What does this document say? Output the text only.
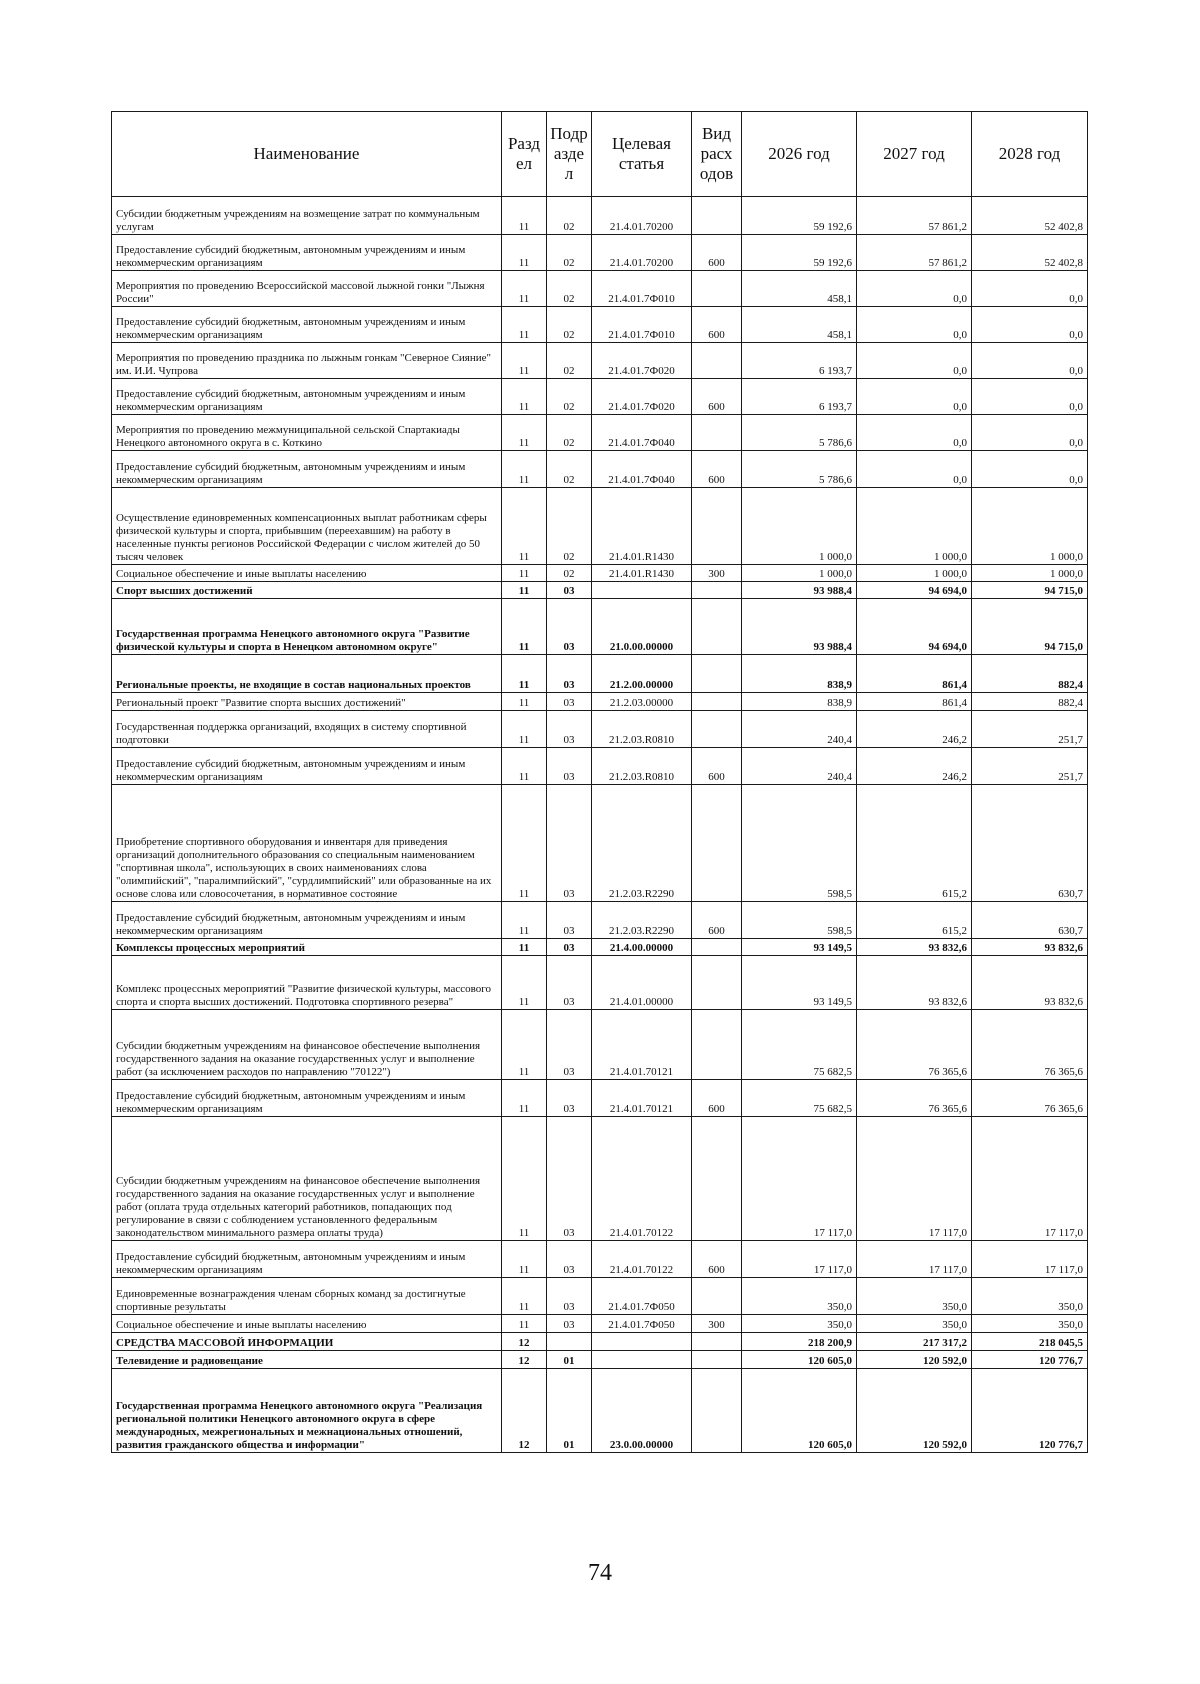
Наименование	Разд ел	Подр азде л	Целевая статья	Вид расх одов	2026 год	2027 год	2028 год
Субсидии бюджетным учреждениям на возмещение затрат по коммунальным услугам	11	02	21.4.01.70200		59 192,6	57 861,2	52 402,8
Предоставление субсидий бюджетным, автономным учреждениям и иным некоммерческим организациям	11	02	21.4.01.70200	600	59 192,6	57 861,2	52 402,8
Мероприятия по проведению Всероссийской массовой лыжной гонки "Лыжня России"	11	02	21.4.01.7Ф010		458,1	0,0	0,0
Предоставление субсидий бюджетным, автономным учреждениям и иным некоммерческим организациям	11	02	21.4.01.7Ф010	600	458,1	0,0	0,0
Мероприятия по проведению праздника по лыжным гонкам "Северное Сияние" им. И.И. Чупрова	11	02	21.4.01.7Ф020		6 193,7	0,0	0,0
Предоставление субсидий бюджетным, автономным учреждениям и иным некоммерческим организациям	11	02	21.4.01.7Ф020	600	6 193,7	0,0	0,0
Мероприятия по проведению межмуниципальной сельской Спартакиады Ненецкого автономного округа в с. Коткино	11	02	21.4.01.7Ф040		5 786,6	0,0	0,0
Предоставление субсидий бюджетным, автономным учреждениям и иным некоммерческим организациям	11	02	21.4.01.7Ф040	600	5 786,6	0,0	0,0
Осуществление единовременных компенсационных выплат работникам сферы физической культуры и спорта, прибывшим (переехавшим) на работу в населенные пункты регионов Российской Федерации с числом жителей до 50 тысяч человек	11	02	21.4.01.R1430		1 000,0	1 000,0	1 000,0
Социальное обеспечение и иные выплаты населению	11	02	21.4.01.R1430	300	1 000,0	1 000,0	1 000,0
Спорт высших достижений	11	03			93 988,4	94 694,0	94 715,0
Государственная программа Ненецкого автономного округа "Развитие физической культуры и спорта в Ненецком автономном округе"	11	03	21.0.00.00000		93 988,4	94 694,0	94 715,0
Региональные проекты, не входящие в состав национальных проектов	11	03	21.2.00.00000		838,9	861,4	882,4
Региональный проект "Развитие спорта высших достижений"	11	03	21.2.03.00000		838,9	861,4	882,4
Государственная поддержка организаций, входящих в систему спортивной подготовки	11	03	21.2.03.R0810		240,4	246,2	251,7
Предоставление субсидий бюджетным, автономным учреждениям и иным некоммерческим организациям	11	03	21.2.03.R0810	600	240,4	246,2	251,7
Приобретение спортивного оборудования и инвентаря для приведения организаций дополнительного образования со специальным наименованием "спортивная школа", использующих в своих наименованиях слова "олимпийский", "паралимпийский", "сурдлимпийский" или образованные на их основе слова или словосочетания, в нормативное состояние	11	03	21.2.03.R2290		598,5	615,2	630,7
Предоставление субсидий бюджетным, автономным учреждениям и иным некоммерческим организациям	11	03	21.2.03.R2290	600	598,5	615,2	630,7
Комплексы процессных мероприятий	11	03	21.4.00.00000		93 149,5	93 832,6	93 832,6
Комплекс процессных мероприятий "Развитие физической культуры, массового спорта и спорта высших достижений. Подготовка спортивного резерва"	11	03	21.4.01.00000		93 149,5	93 832,6	93 832,6
Субсидии бюджетным учреждениям на финансовое обеспечение выполнения государственного задания на оказание государственных услуг и выполнение работ (за исключением расходов по направлению "70122")	11	03	21.4.01.70121		75 682,5	76 365,6	76 365,6
Предоставление субсидий бюджетным, автономным учреждениям и иным некоммерческим организациям	11	03	21.4.01.70121	600	75 682,5	76 365,6	76 365,6
Субсидии бюджетным учреждениям на финансовое обеспечение выполнения государственного задания на оказание государственных услуг и выполнение работ (оплата труда отдельных категорий работников, попадающих под регулирование в связи с соблюдением установленного федеральным законодательством минимального размера оплаты труда)	11	03	21.4.01.70122		17 117,0	17 117,0	17 117,0
Предоставление субсидий бюджетным, автономным учреждениям и иным некоммерческим организациям	11	03	21.4.01.70122	600	17 117,0	17 117,0	17 117,0
Единовременные вознаграждения членам сборных команд за достигнутые спортивные результаты	11	03	21.4.01.7Ф050		350,0	350,0	350,0
Социальное обеспечение и иные выплаты населению	11	03	21.4.01.7Ф050	300	350,0	350,0	350,0
СРЕДСТВА МАССОВОЙ ИНФОРМАЦИИ	12				218 200,9	217 317,2	218 045,5
Телевидение и радиовещание	12	01			120 605,0	120 592,0	120 776,7
Государственная программа Ненецкого автономного округа "Реализация региональной политики Ненецкого автономного округа в сфере международных, межрегиональных и межнациональных отношений, развития гражданского общества и информации"	12	01	23.0.00.00000		120 605,0	120 592,0	120 776,7
74
